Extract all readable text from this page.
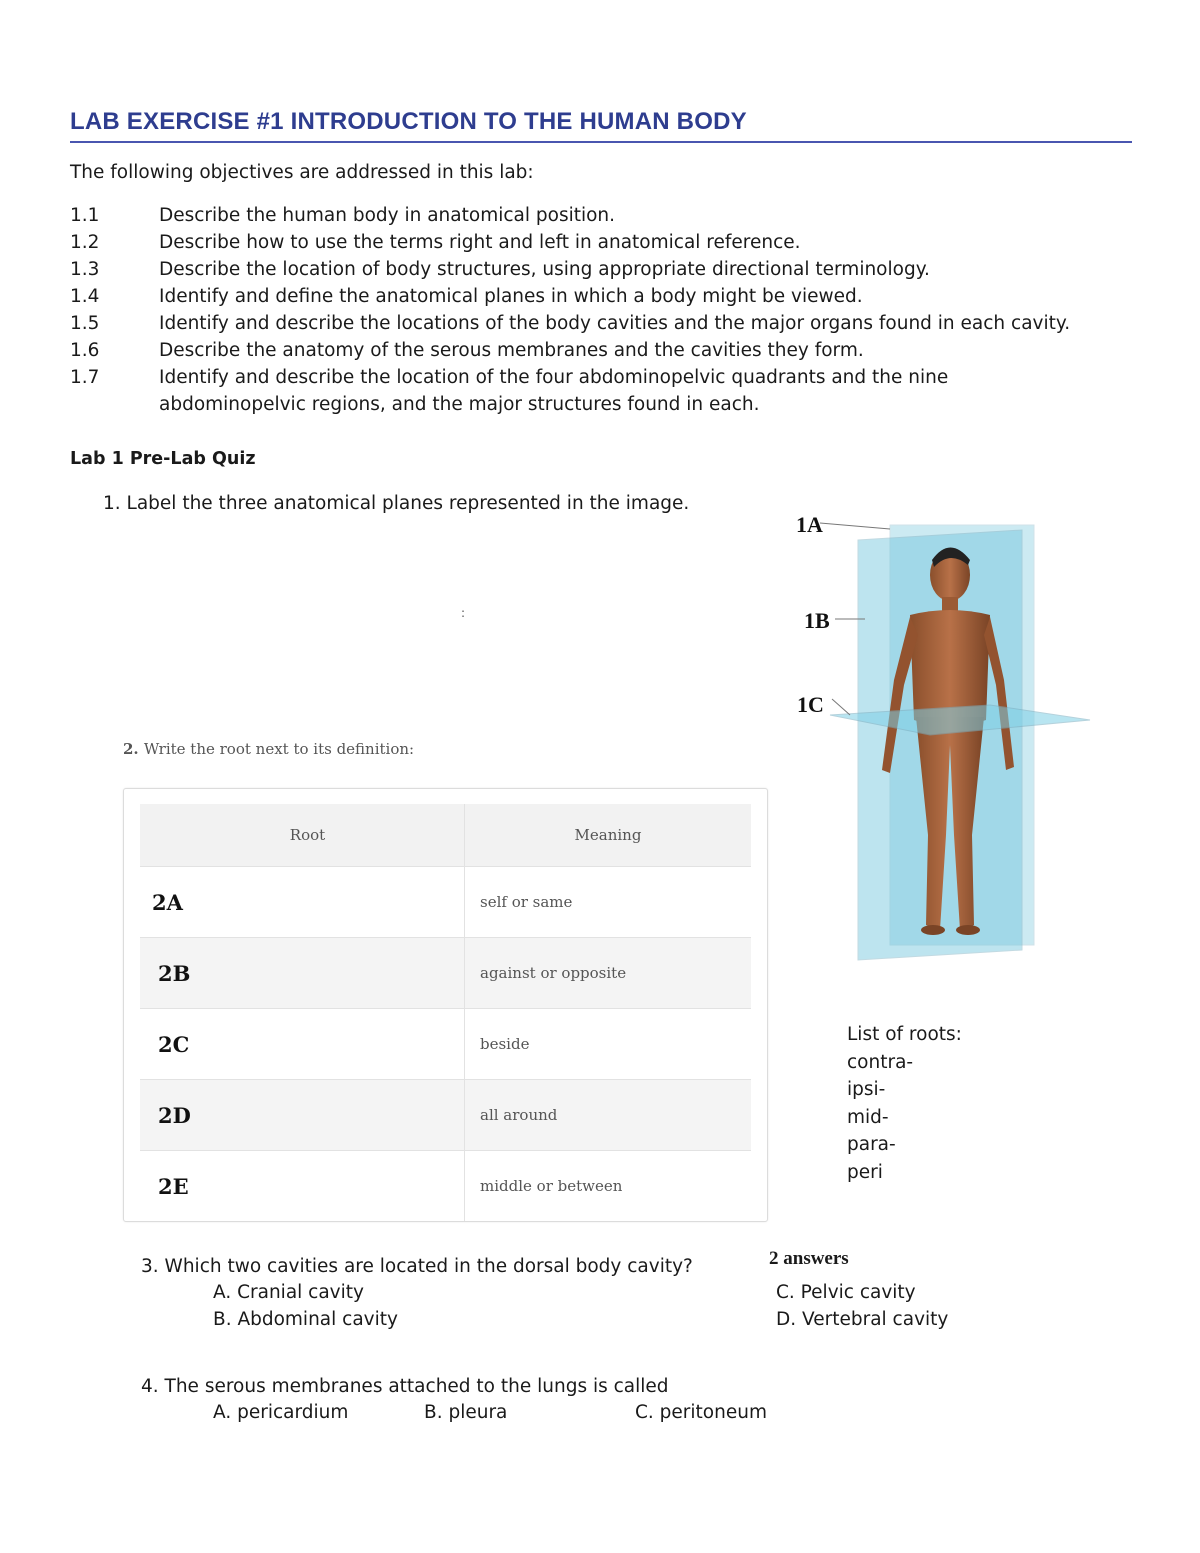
LAB EXERCISE #1 INTRODUCTION TO THE HUMAN BODY
The following objectives are addressed in this lab:
1.1	Describe the human body in anatomical position.
1.2	Describe how to use the terms right and left in anatomical reference.
1.3	Describe the location of body structures, using appropriate directional terminology.
1.4	Identify and define the anatomical planes in which a body might be viewed.
1.5	Identify and describe the locations of the body cavities and the major organs found in each cavity.
1.6	Describe the anatomy of the serous membranes and the cavities they form.
1.7	Identify and describe the location of the four abdominopelvic quadrants and the nine abdominopelvic regions, and the major structures found in each.
Lab 1 Pre-Lab Quiz
1. Label the three anatomical planes represented in the image.
:
1A
1B
1C
2. Write the root next to its definition:
Root	Meaning
2A	self or same
2B	against or opposite
2C	beside
2D	all around
2E	middle or between
List of roots:
contra-
ipsi-
mid-
para-
peri
3. Which two cavities are located in the dorsal body cavity?	2 answers
A. Cranial cavity
B. Abdominal cavity
C. Pelvic cavity
D. Vertebral cavity
4. The serous membranes attached to the lungs is called
A. pericardium	B. pleura	C. peritoneum
